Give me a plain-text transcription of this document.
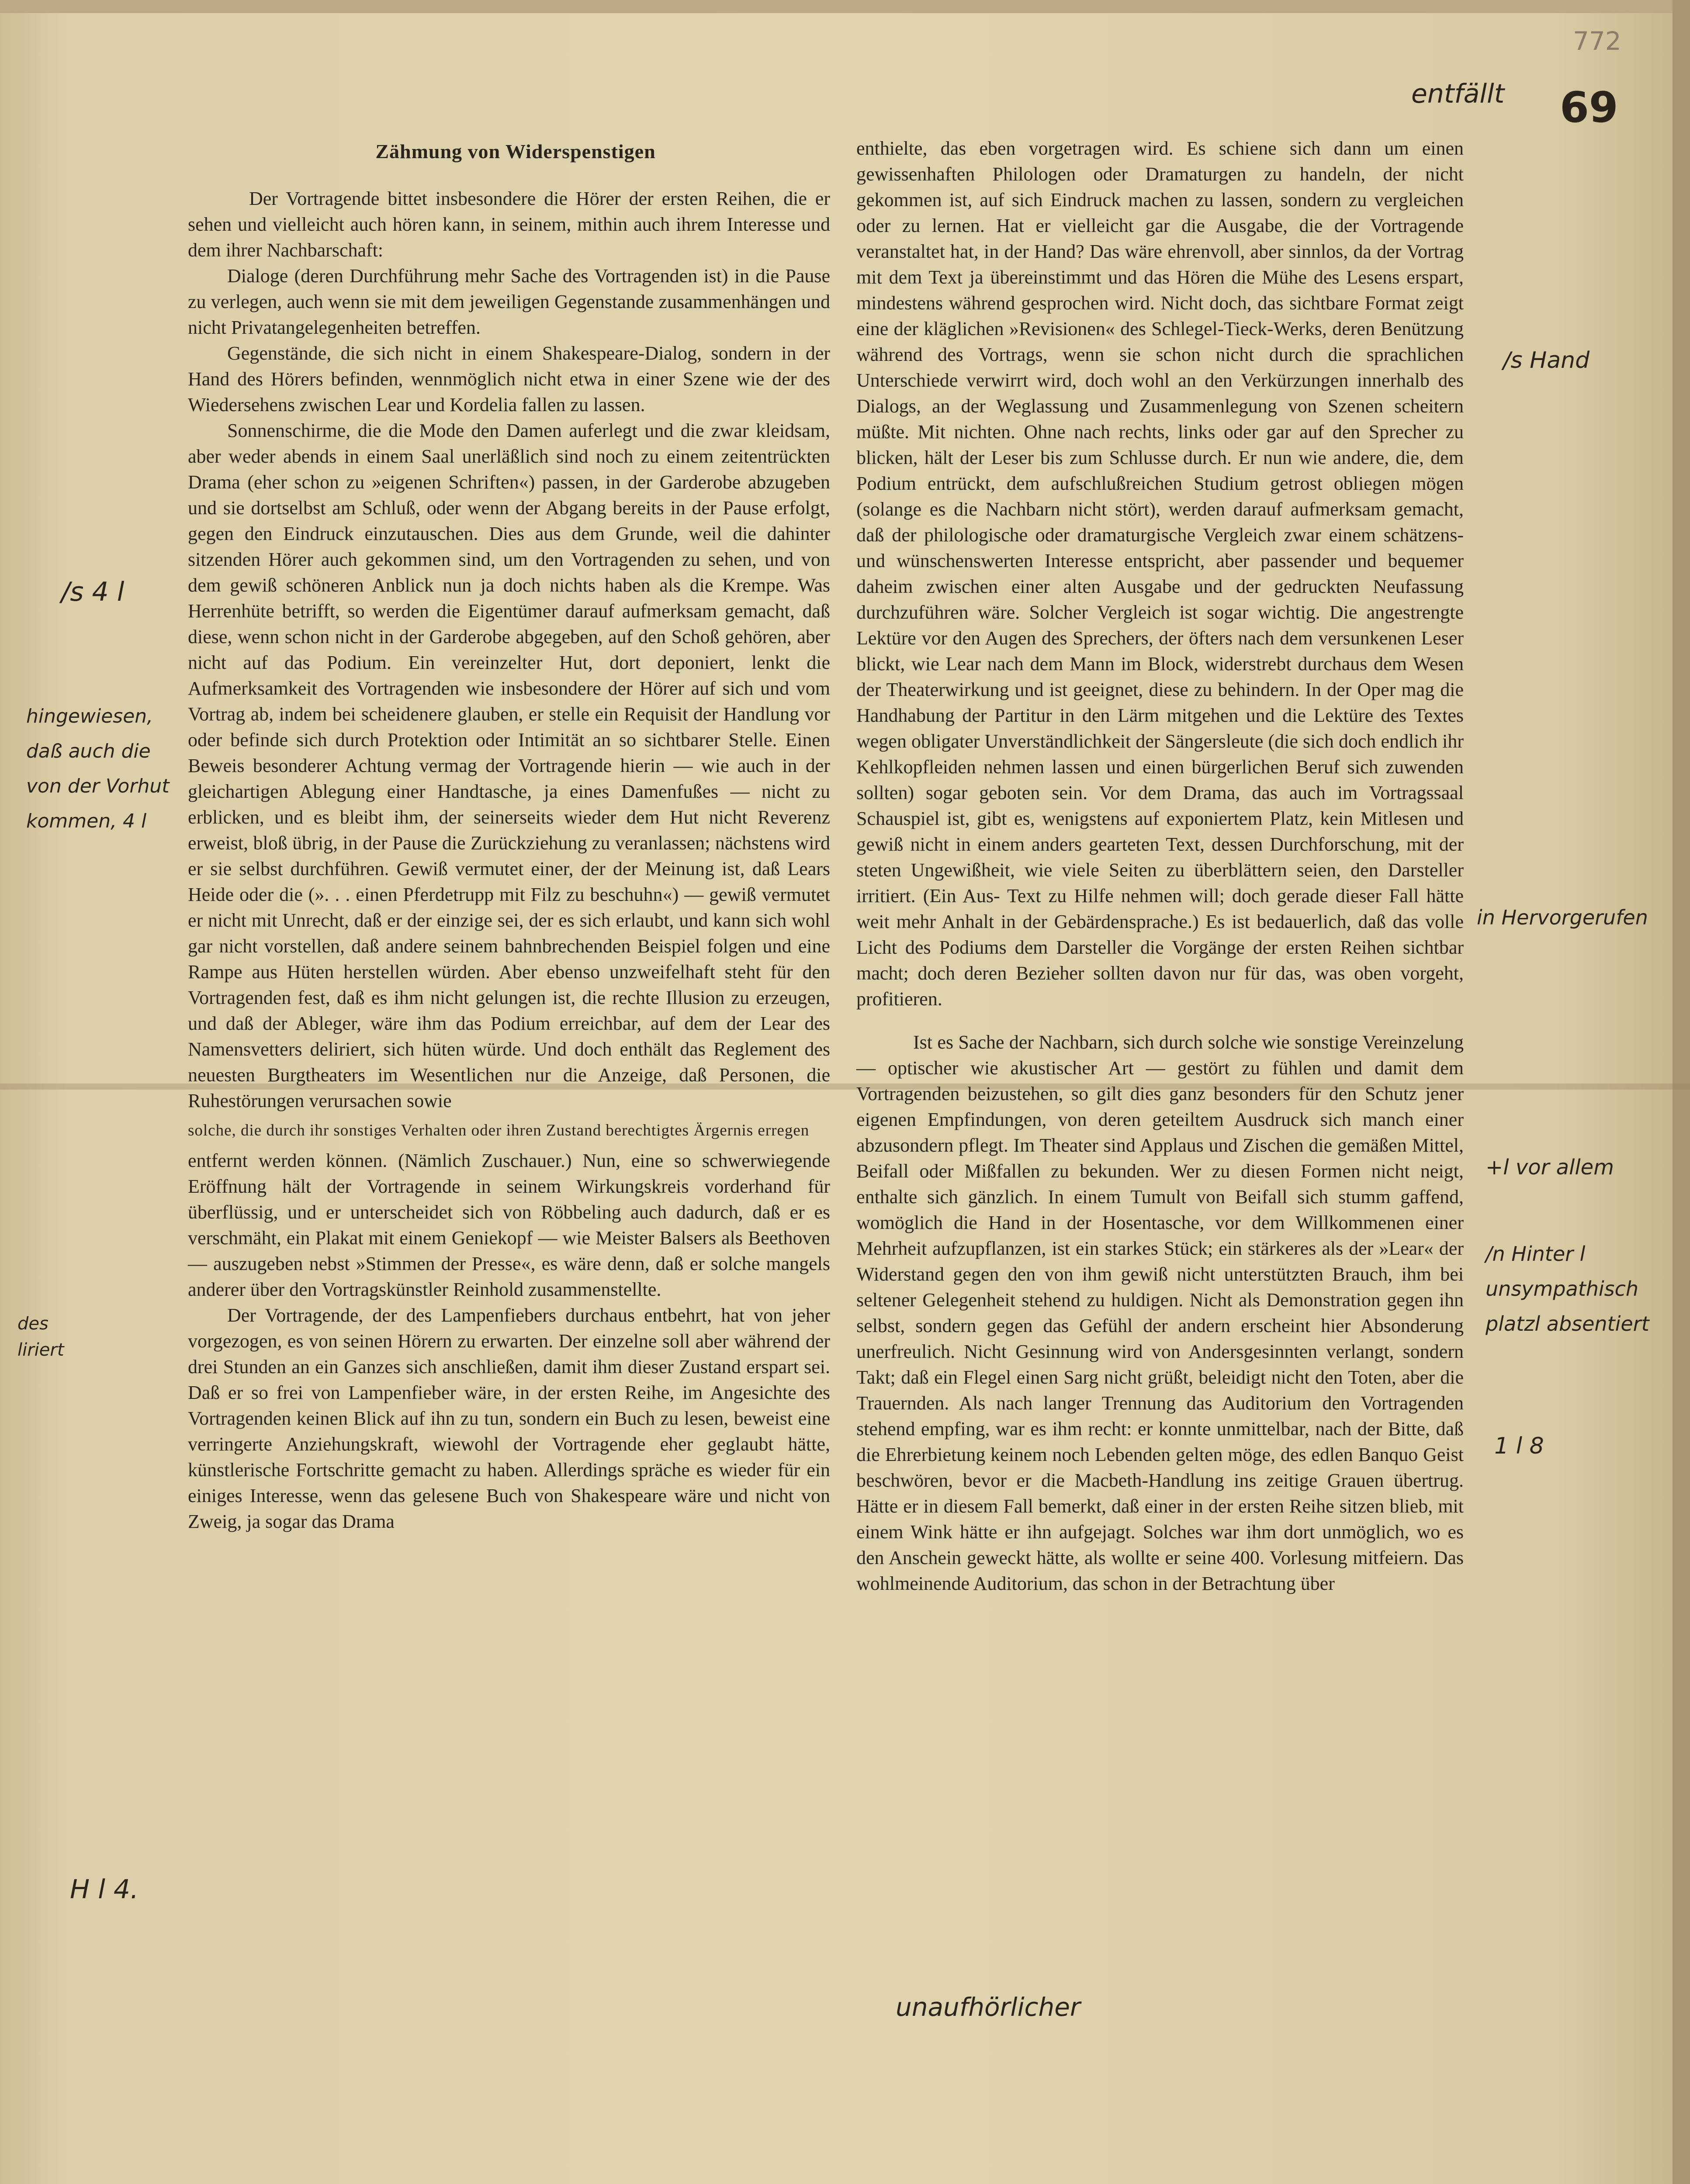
772
entfällt 69
Zähmung von Widerspenstigen

Der Vortragende bittet insbesondere die Hörer der ersten Reihen, die er sehen und vielleicht auch hören kann, in seinem, mithin auch ihrem Interesse und dem ihrer Nachbarschaft:

Dialoge (deren Durchführung mehr Sache des Vortragenden ist) in die Pause zu verlegen, auch wenn sie mit dem jeweiligen Gegenstande zusammenhängen und nicht Privatangelegenheiten betreffen.

Gegenstände, die sich nicht in einem Shakespeare-Dialog, sondern in der Hand des Hörers befinden, wennmöglich nicht etwa in einer Szene wie der des Wiedersehens zwischen Lear und Kordelia fallen zu lassen.

Sonnenschirme, die die Mode den Damen auferlegt und die zwar kleidsam, aber weder abends in einem Saal unerläßlich sind noch zu einem zeitentrückten Drama (eher schon zu »eigenen Schriften«) passen, in der Garderobe abzugeben und sie dortselbst am Schluß, oder wenn der Abgang bereits in der Pause erfolgt, gegen den Eindruck einzutauschen. Dies aus dem Grunde, weil die dahinter sitzenden Hörer auch gekommen sind, um den Vortragenden zu sehen, und von dem gewiß schöneren Anblick nun ja doch nichts haben als die Krempe. Was Herrenhüte betrifft, so werden die Eigentümer darauf aufmerksam gemacht, daß diese, wenn schon nicht in der Garderobe abgegeben, auf den Schoß gehören, aber nicht auf das Podium. Ein vereinzelter Hut, dort deponiert, lenkt die Aufmerksamkeit des Vortragenden wie insbesondere der Hörer auf sich und vom Vortrag ab, indem bei scheidenere glauben, er stelle ein Requisit der Handlung vor oder befinde sich durch Protektion oder Intimität an so sichtbarer Stelle. Einen Beweis besonderer Achtung vermag der Vortragende hierin — wie auch in der gleichartigen Ablegung einer Handtasche, ja eines Damenfußes — nicht zu erblicken, und es bleibt ihm, der seinerseits wieder dem Hut nicht Reverenz erweist, bloß übrig, in der Pause die Zurückziehung zu veranlassen; nächstens wird er sie selbst durchführen. Gewiß vermutet einer, der der Meinung ist, daß Lears Heide oder die (». . . einen Pferdetrupp mit Filz zu beschuhn«) — gewiß vermutet er nicht mit Unrecht, daß er der einzige sei, der es sich erlaubt, und kann sich wohl gar nicht vorstellen, daß andere seinem bahnbrechenden Beispiel folgen und eine Rampe aus Hüten herstellen würden. Aber ebenso unzweifelhaft steht für den Vortragenden fest, daß es ihm nicht gelungen ist, die rechte Illusion zu erzeugen, und daß der Ableger, wäre ihm das Podium erreichbar, auf dem der Lear des Namensvetters deliriert, sich hüten würde. Und doch enthält das Reglement des neuesten Burgtheaters im Wesentlichen nur die Anzeige, daß Personen, die Ruhestörungen verursachen sowie

solche, die durch ihr sonstiges Verhalten oder ihren Zustand berechtigtes Ärgernis erregen

entfernt werden können. (Nämlich Zuschauer.) Nun, eine so schwerwiegende Eröffnung hält der Vortragende in seinem Wirkungskreis vorderhand für überflüssig, und er unterscheidet sich von Röbbeling auch dadurch, daß er es verschmäht, ein Plakat mit einem Geniekopf — wie Meister Balsers als Beethoven — auszugeben nebst »Stimmen der Presse«, es wäre denn, daß er solche mangels anderer über den Vortragskünstler Reinhold zusammenstellte.

Der Vortragende, der des Lampenfiebers durchaus entbehrt, hat von jeher vorgezogen, es von seinen Hörern zu erwarten. Der einzelne soll aber während der drei Stunden an ein Ganzes sich anschließen, damit ihm dieser Zustand erspart sei. Daß er so frei von Lampenfieber wäre, in der ersten Reihe, im Angesichte des Vortragenden keinen Blick auf ihn zu tun, sondern ein Buch zu lesen, beweist eine verringerte Anziehungskraft, wiewohl der Vortragende eher geglaubt hätte, künstlerische Fortschritte gemacht zu haben. Allerdings spräche es wieder für ein einiges Interesse, wenn das gelesene Buch von Shakespeare wäre und nicht von Zweig, ja sogar das Drama

enthielte, das eben vorgetragen wird. Es schiene sich dann um einen gewissenhaften Philologen oder Dramaturgen zu handeln, der nicht gekommen ist, auf sich Eindruck machen zu lassen, sondern zu vergleichen oder zu lernen. Hat er vielleicht gar die Ausgabe, die der Vortragende veranstaltet hat, in der Hand? Das wäre ehrenvoll, aber sinnlos, da der Vortrag mit dem Text ja übereinstimmt und das Hören die Mühe des Lesens erspart, mindestens während gesprochen wird. Nicht doch, das sichtbare Format zeigt eine der kläglichen »Revisionen« des Schlegel-Tieck-Werks, deren Benützung während des Vortrags, wenn sie schon nicht durch die sprachlichen Unterschiede verwirrt wird, doch wohl an den Verkürzungen innerhalb des Dialogs, an der Weglassung und Zusammenlegung von Szenen scheitern müßte. Mit nichten. Ohne nach rechts, links oder gar auf den Sprecher zu blicken, hält der Leser bis zum Schlusse durch. Er nun wie andere, die, dem Podium entrückt, dem aufschlußreichen Studium getrost obliegen mögen (solange es die Nachbarn nicht stört), werden darauf aufmerksam gemacht, daß der philologische oder dramaturgische Vergleich zwar einem schätzens- und wünschenswerten Interesse entspricht, aber passender und bequemer daheim zwischen einer alten Ausgabe und der gedruckten Neufassung durchzuführen wäre. Solcher Vergleich ist sogar wichtig. Die angestrengte Lektüre vor den Augen des Sprechers, der öfters nach dem versunkenen Leser blickt, wie Lear nach dem Mann im Block, widerstrebt durchaus dem Wesen der Theaterwirkung und ist geeignet, diese zu behindern. In der Oper mag die Handhabung der Partitur in den Lärm mitgehen und die Lektüre des Textes wegen obligater Unverständlichkeit der Sängersleute (die sich doch endlich ihr Kehlkopfleiden nehmen lassen und einen bürgerlichen Beruf sich zuwenden sollten) sogar geboten sein. Vor dem Drama, das auch im Vortragssaal Schauspiel ist, gibt es, wenigstens auf exponiertem Platz, kein Mitlesen und gewiß nicht in einem anders gearteten Text, dessen Durchforschung, mit der steten Ungewißheit, wie viele Seiten zu überblättern seien, den Darsteller irritiert. (Ein Aus- Text zu Hilfe nehmen will; doch gerade dieser Fall hätte weit mehr Anhalt in der Gebärdensprache.) Es ist bedauerlich, daß das volle Licht des Podiums dem Darsteller die Vorgänge der ersten Reihen sichtbar macht; doch deren Bezieher sollten davon nur für das, was oben vorgeht, profitieren.

Ist es Sache der Nachbarn, sich durch solche wie sonstige Vereinzelung — optischer wie akustischer Art — gestört zu fühlen und damit dem Vortragenden beizustehen, so gilt dies ganz besonders für den Schutz jener eigenen Empfindungen, von deren geteiltem Ausdruck sich manch einer abzusondern pflegt. Im Theater sind Applaus und Zischen die gemäßen Mittel, Beifall oder Mißfallen zu bekunden. Wer zu diesen Formen nicht neigt, enthalte sich gänzlich. In einem Tumult von Beifall sich stumm gaffend, womöglich die Hand in der Hosentasche, vor dem Willkommenen einer Mehrheit aufzupflanzen, ist ein starkes Stück; ein stärkeres als der »Lear« der Widerstand gegen den von ihm gewiß nicht unterstützten Brauch, ihm bei seltener Gelegenheit stehend zu huldigen. Nicht als Demonstration gegen ihn selbst, sondern gegen das Gefühl der andern erscheint hier Absonderung unerfreulich. Nicht Gesinnung wird von Andersgesinnten verlangt, sondern Takt; daß ein Flegel einen Sarg nicht grüßt, beleidigt nicht den Toten, aber die Trauernden. Als nach langer Trennung das Auditorium den Vortragenden stehend empfing, war es ihm recht: er konnte unmittelbar, nach der Bitte, daß die Ehrerbietung keinem noch Lebenden gelten möge, des edlen Banquo Geist beschwören, bevor er die Macbeth-Handlung ins zeitige Grauen übertrug. Hätte er in diesem Fall bemerkt, daß einer in der ersten Reihe sitzen blieb, mit einem Wink hätte er ihn aufgejagt. Solches war ihm dort unmöglich, wo es den Anschein geweckt hätte, als wollte er seine 400. Vorlesung mitfeiern. Das wohlmeinende Auditorium, das schon in der Betrachtung über

/s 4 l
hingewiesen, daß auch die von der Vorhut kommen, 4 l
des liriert
H l 4.
/s Hand
in Hervorgerufen
+l vor allem
/n Hinter l unsympathisch platzl absentiert
1 l 8
unaufhörlicher
